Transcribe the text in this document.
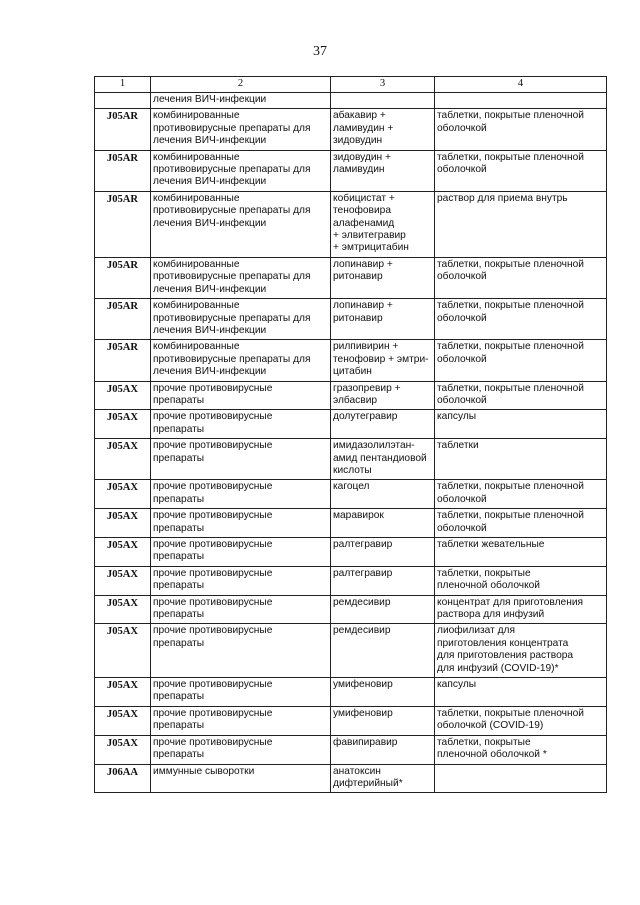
37
1	2	3	4

	лечения ВИЧ-инфекции		

J05AR	комбинированные
противовирусные препараты для
лечения ВИЧ-инфекции	абакавир +
ламивудин +
зидовудин	таблетки, покрытые пленочной
оболочкой

J05AR	комбинированные
противовирусные препараты для
лечения ВИЧ-инфекции	зидовудин +
ламивудин	таблетки, покрытые пленочной
оболочкой

J05AR	комбинированные
противовирусные препараты для
лечения ВИЧ-инфекции	кобицистат +
тенофовира
алафенамид
+ элвитегравир
+ эмтрицитабин	раствор для приема внутрь

J05AR	комбинированные
противовирусные препараты для
лечения ВИЧ-инфекции	лопинавир +
ритонавир	таблетки, покрытые пленочной
оболочкой

J05AR	комбинированные
противовирусные препараты для
лечения ВИЧ-инфекции	лопинавир +
ритонавир	таблетки, покрытые пленочной
оболочкой

J05AR	комбинированные
противовирусные препараты для
лечения ВИЧ-инфекции	рилпивирин +
тенофовир + эмтри-
цитабин	таблетки, покрытые пленочной
оболочкой

J05AX	прочие противовирусные
препараты	гразопревир +
элбасвир	таблетки, покрытые пленочной
оболочкой

J05AX	прочие противовирусные
препараты	долутегравир	капсулы

J05AX	прочие противовирусные
препараты	имидазолилэтан-
амид пентандиовой
кислоты	таблетки

J05AX	прочие противовирусные
препараты	кагоцел	таблетки, покрытые пленочной
оболочкой

J05AX	прочие противовирусные
препараты	маравирок	таблетки, покрытые пленочной
оболочкой

J05AX	прочие противовирусные
препараты	ралтегравир	таблетки жевательные

J05AX	прочие противовирусные
препараты	ралтегравир	таблетки, покрытые
пленочной оболочкой

J05AX	прочие противовирусные
препараты	ремдесивир	концентрат для приготовления
раствора для инфузий

J05AX	прочие противовирусные
препараты	ремдесивир	лиофилизат для
приготовления концентрата
для приготовления раствора
для инфузий (COVID-19)*

J05AX	прочие противовирусные
препараты	умифеновир	капсулы

J05AX	прочие противовирусные
препараты	умифеновир	таблетки, покрытые пленочной
оболочкой (COVID-19)

J05AX	прочие противовирусные
препараты	фавипиравир	таблетки, покрытые
пленочной оболочкой *

J06AA	иммунные сыворотки	анатоксин
дифтерийный*	
